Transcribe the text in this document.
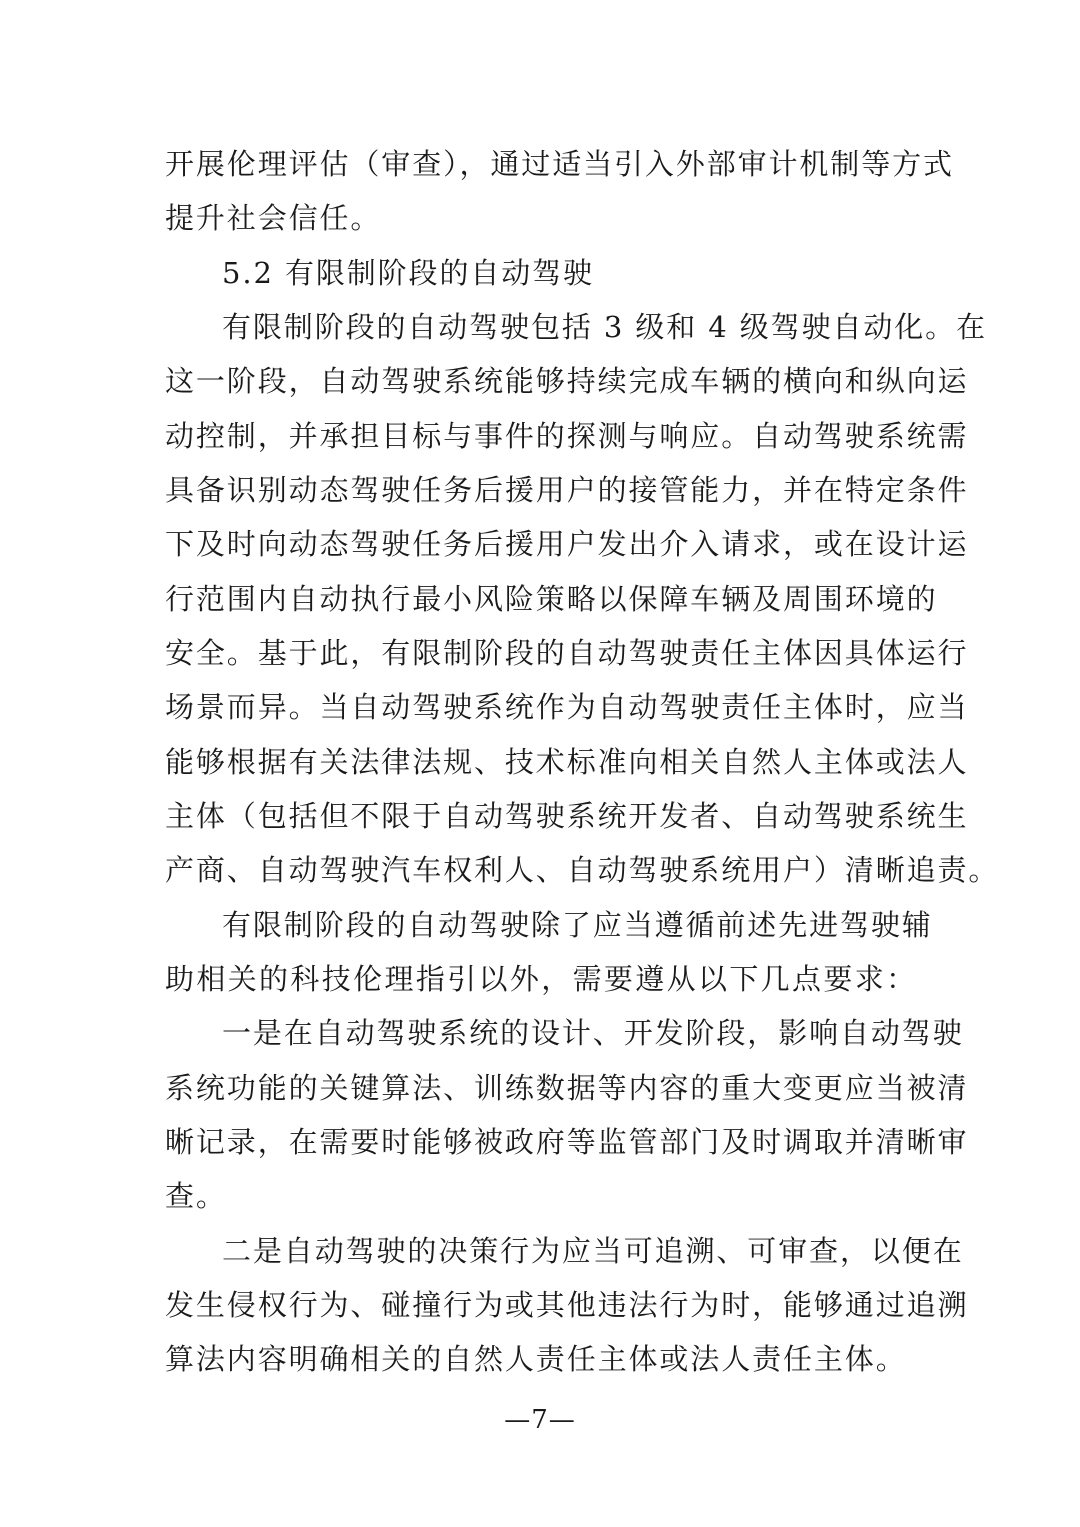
开展伦理评估（审查），通过适当引入外部审计机制等方式
提升社会信任。
5.2 有限制阶段的自动驾驶
有限制阶段的自动驾驶包括 3 级和 4 级驾驶自动化。在
这一阶段，自动驾驶系统能够持续完成车辆的横向和纵向运
动控制，并承担目标与事件的探测与响应。自动驾驶系统需
具备识别动态驾驶任务后援用户的接管能力，并在特定条件
下及时向动态驾驶任务后援用户发出介入请求，或在设计运
行范围内自动执行最小风险策略以保障车辆及周围环境的
安全。基于此，有限制阶段的自动驾驶责任主体因具体运行
场景而异。当自动驾驶系统作为自动驾驶责任主体时，应当
能够根据有关法律法规、技术标准向相关自然人主体或法人
主体（包括但不限于自动驾驶系统开发者、自动驾驶系统生
产商、自动驾驶汽车权利人、自动驾驶系统用户）清晰追责。
有限制阶段的自动驾驶除了应当遵循前述先进驾驶辅
助相关的科技伦理指引以外，需要遵从以下几点要求：
一是在自动驾驶系统的设计、开发阶段，影响自动驾驶
系统功能的关键算法、训练数据等内容的重大变更应当被清
晰记录，在需要时能够被政府等监管部门及时调取并清晰审
查。
二是自动驾驶的决策行为应当可追溯、可审查，以便在
发生侵权行为、碰撞行为或其他违法行为时，能够通过追溯
算法内容明确相关的自然人责任主体或法人责任主体。
—7—
